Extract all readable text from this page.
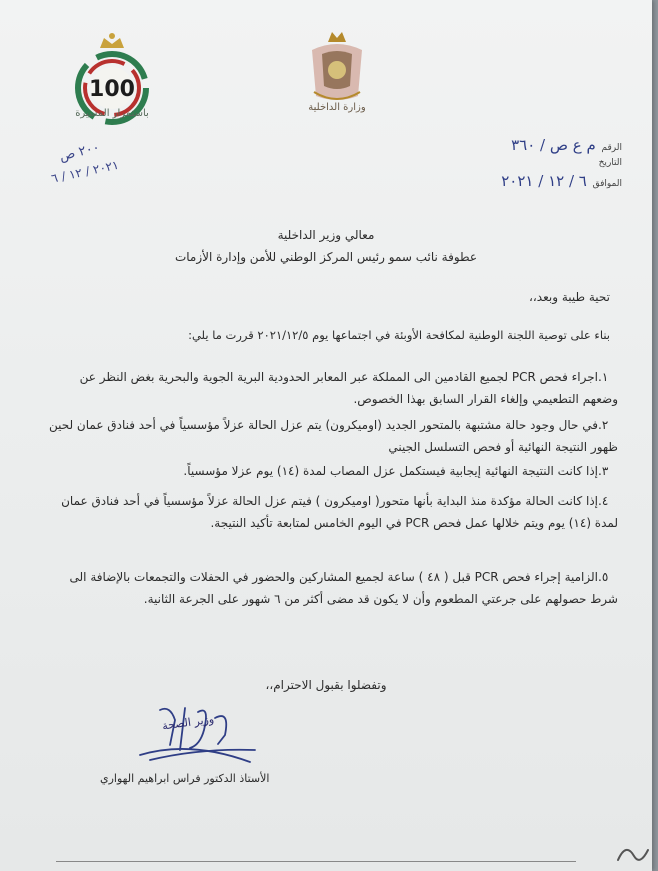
100
باستمرار المسيرة
وزارة الداخلية
الرقم  م ع ص / ٣٦٠
التاريخ
الموافق  ٦ / ١٢ / ٢٠٢١
٢٠٠ ص
٢٠٢١ / ١٢ / ٦
معالي وزير الداخلية
عطوفة نائب سمو رئيس المركز الوطني للأمن وإدارة الأزمات
تحية طيبة وبعد،،
بناء على توصية اللجنة الوطنية لمكافحة الأوبئة في اجتماعها يوم ٢٠٢١/١٢/٥ قررت ما يلي:
١.اجراء فحص PCR لجميع القادمين الى المملكة عبر المعابر الحدودية البرية الجوية والبحرية بغض النظر عن وضعهم التطعيمي وإلغاء القرار السابق بهذا الخصوص.
٢.في حال وجود حالة مشتبهة بالمتحور الجديد (اوميكرون) يتم عزل الحالة عزلاً مؤسسياً في أحد فنادق عمان لحين ظهور النتيجة النهائية أو فحص التسلسل الجيني
٣.إذا كانت النتيجة النهائية إيجابية فيستكمل عزل المصاب لمدة (١٤) يوم عزلا مؤسسياً.
٤.إذا كانت الحالة مؤكدة منذ البداية بأنها متحور( اوميكرون ) فيتم عزل الحالة عزلاً مؤسسياً في أحد فنادق عمان لمدة (١٤) يوم ويتم خلالها عمل فحص PCR في اليوم الخامس لمتابعة تأكيد النتيجة.
٥.الزامية إجراء فحص PCR قبل ( ٤٨ ) ساعة لجميع المشاركين والحضور في الحفلات والتجمعات بالإضافة الى شرط حصولهم على جرعتي المطعوم وأن لا يكون قد مضى أكثر من ٦ شهور على الجرعة الثانية.
وتفضلوا بقبول الاحترام،،
وزير الصحة
الأستاذ الدكتور فراس ابراهيم الهواري
